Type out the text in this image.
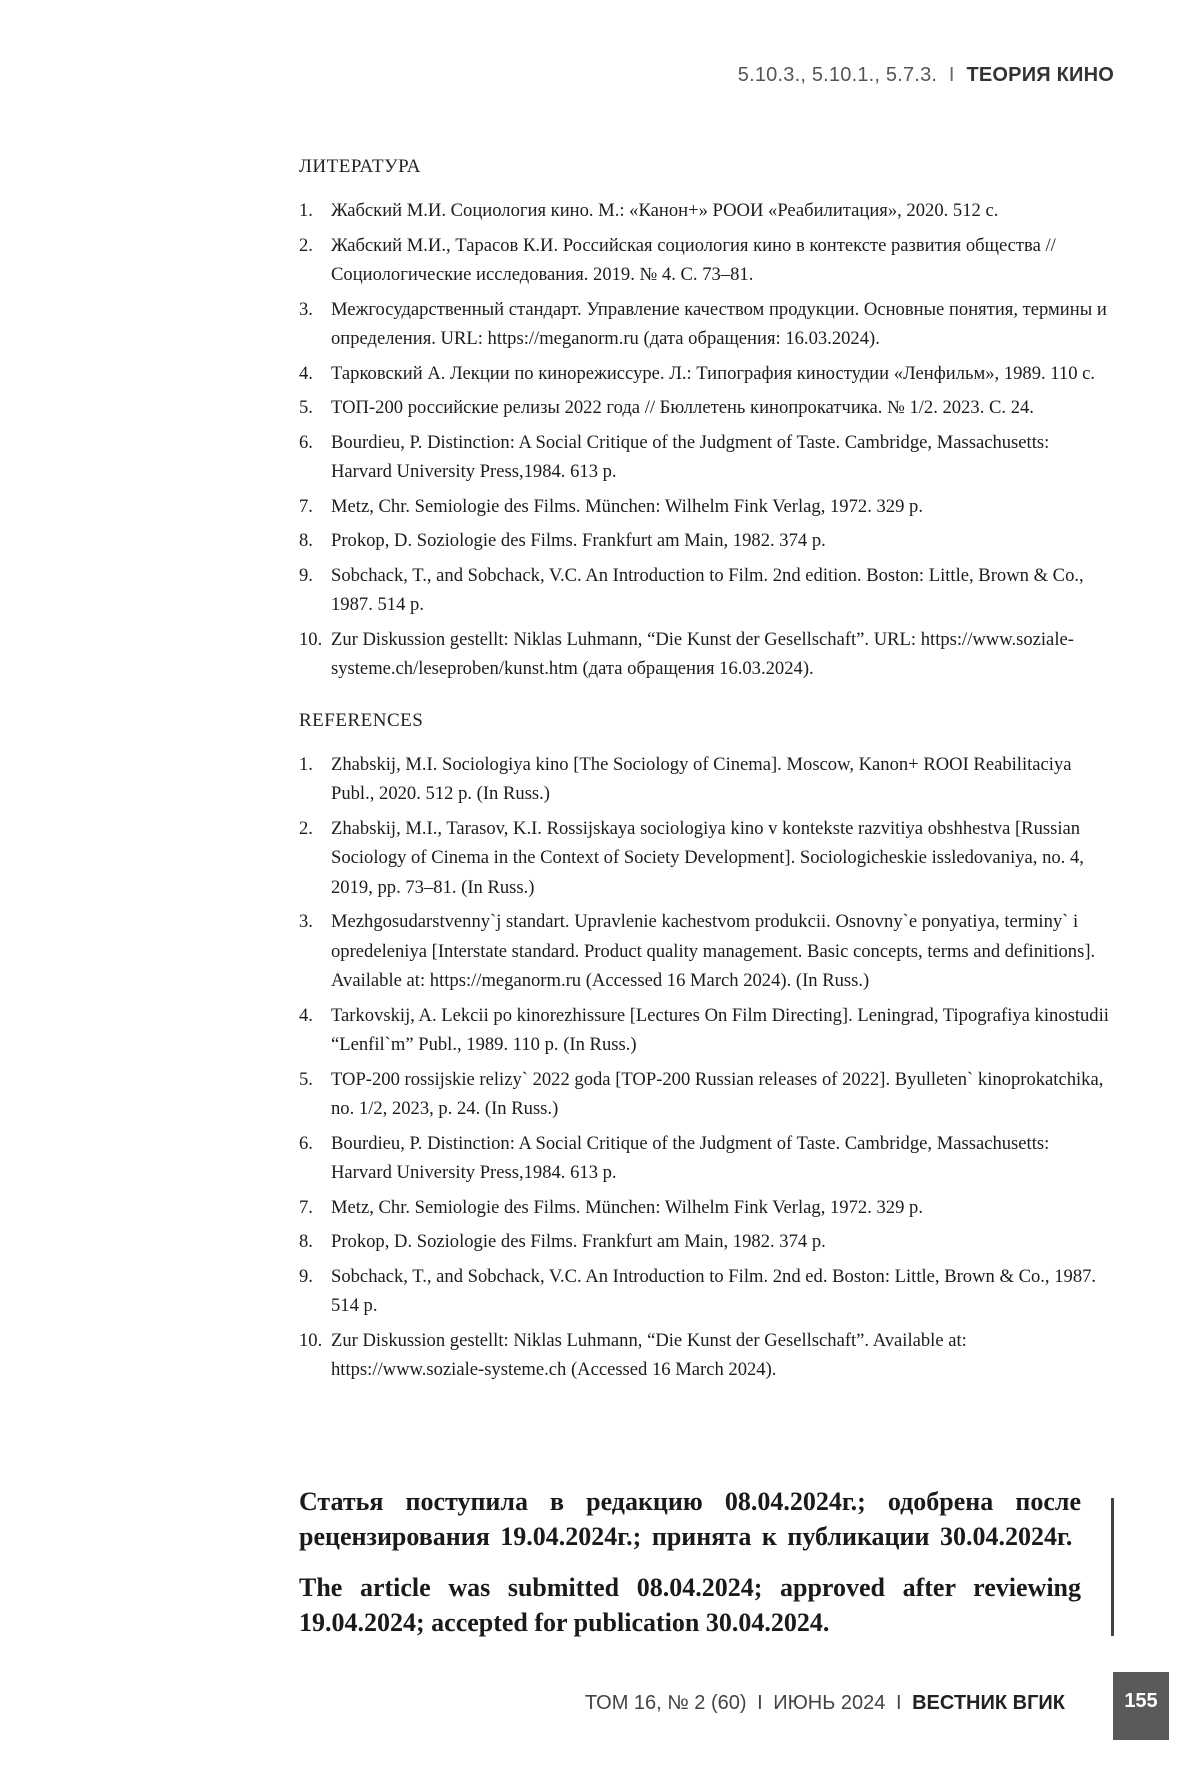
5.10.3., 5.10.1., 5.7.3. I ТЕОРИЯ КИНО
ЛИТЕРАТУРА
1. Жабский М.И. Социология кино. М.: «Канон+» РООИ «Реабилитация», 2020. 512 с.
2. Жабский М.И., Тарасов К.И. Российская социология кино в контексте развития общества // Социологические исследования. 2019. № 4. С. 73–81.
3. Межгосударственный стандарт. Управление качеством продукции. Основные понятия, термины и определения. URL: https://meganorm.ru (дата обращения: 16.03.2024).
4. Тарковский А. Лекции по кинорежиссуре. Л.: Типография киностудии «Ленфильм», 1989. 110 с.
5. ТОП-200 российские релизы 2022 года // Бюллетень кинопрокатчика. № 1/2. 2023. С. 24.
6. Bourdieu, P. Distinction: A Social Critique of the Judgment of Taste. Cambridge, Massachusetts: Harvard University Press,1984. 613 p.
7. Metz, Chr. Semiologie des Films. München: Wilhelm Fink Verlag, 1972. 329 p.
8. Prokop, D. Soziologie des Films. Frankfurt am Main, 1982. 374 p.
9. Sobchack, T., and Sobchack, V.C. An Introduction to Film. 2nd edition. Boston: Little, Brown & Co., 1987. 514 p.
10. Zur Diskussion gestellt: Niklas Luhmann, “Die Kunst der Gesellschaft”. URL: https://www.soziale-systeme.ch/leseproben/kunst.htm (дата обращения 16.03.2024).
REFERENCES
1. Zhabskij, M.I. Sociologiya kino [The Sociology of Cinema]. Moscow, Kanon+ ROOI Reabilitaciya Publ., 2020. 512 p. (In Russ.)
2. Zhabskij, M.I., Tarasov, K.I. Rossijskaya sociologiya kino v kontekste razvitiya obshhestva [Russian Sociology of Cinema in the Context of Society Development]. Sociologicheskie issledovaniya, no. 4, 2019, pp. 73–81. (In Russ.)
3. Mezhgosudarstvenny`j standart. Upravlenie kachestvom produkcii. Osnovny`e ponyatiya, terminy` i opredeleniya [Interstate standard. Product quality management. Basic concepts, terms and definitions]. Available at: https://meganorm.ru (Accessed 16 March 2024). (In Russ.)
4. Tarkovskij, A. Lekcii po kinorezhissure [Lectures On Film Directing]. Leningrad, Tipografiya kinostudii “Lenfil`m” Publ., 1989. 110 p. (In Russ.)
5. TOP-200 rossijskie relizy` 2022 goda [TOP-200 Russian releases of 2022]. Byulleten` kinoprokatchika, no. 1/2, 2023, p. 24. (In Russ.)
6. Bourdieu, P. Distinction: A Social Critique of the Judgment of Taste. Cambridge, Massachusetts: Harvard University Press,1984. 613 p.
7. Metz, Chr. Semiologie des Films. München: Wilhelm Fink Verlag, 1972. 329 p.
8. Prokop, D. Soziologie des Films. Frankfurt am Main, 1982. 374 p.
9. Sobchack, T., and Sobchack, V.C. An Introduction to Film. 2nd ed. Boston: Little, Brown & Co., 1987. 514 p.
10. Zur Diskussion gestellt: Niklas Luhmann, “Die Kunst der Gesellschaft”. Available at: https://www.soziale-systeme.ch (Accessed 16 March 2024).

Статья поступила в редакцию 08.04.2024г.; одобрена после рецензирования 19.04.2024г.; принята к публикации 30.04.2024г.

The article was submitted 08.04.2024; approved after reviewing 19.04.2024; accepted for publication 30.04.2024.

ТОМ 16, № 2 (60) I ИЮНЬ 2024 I ВЕСТНИК ВГИК	155
